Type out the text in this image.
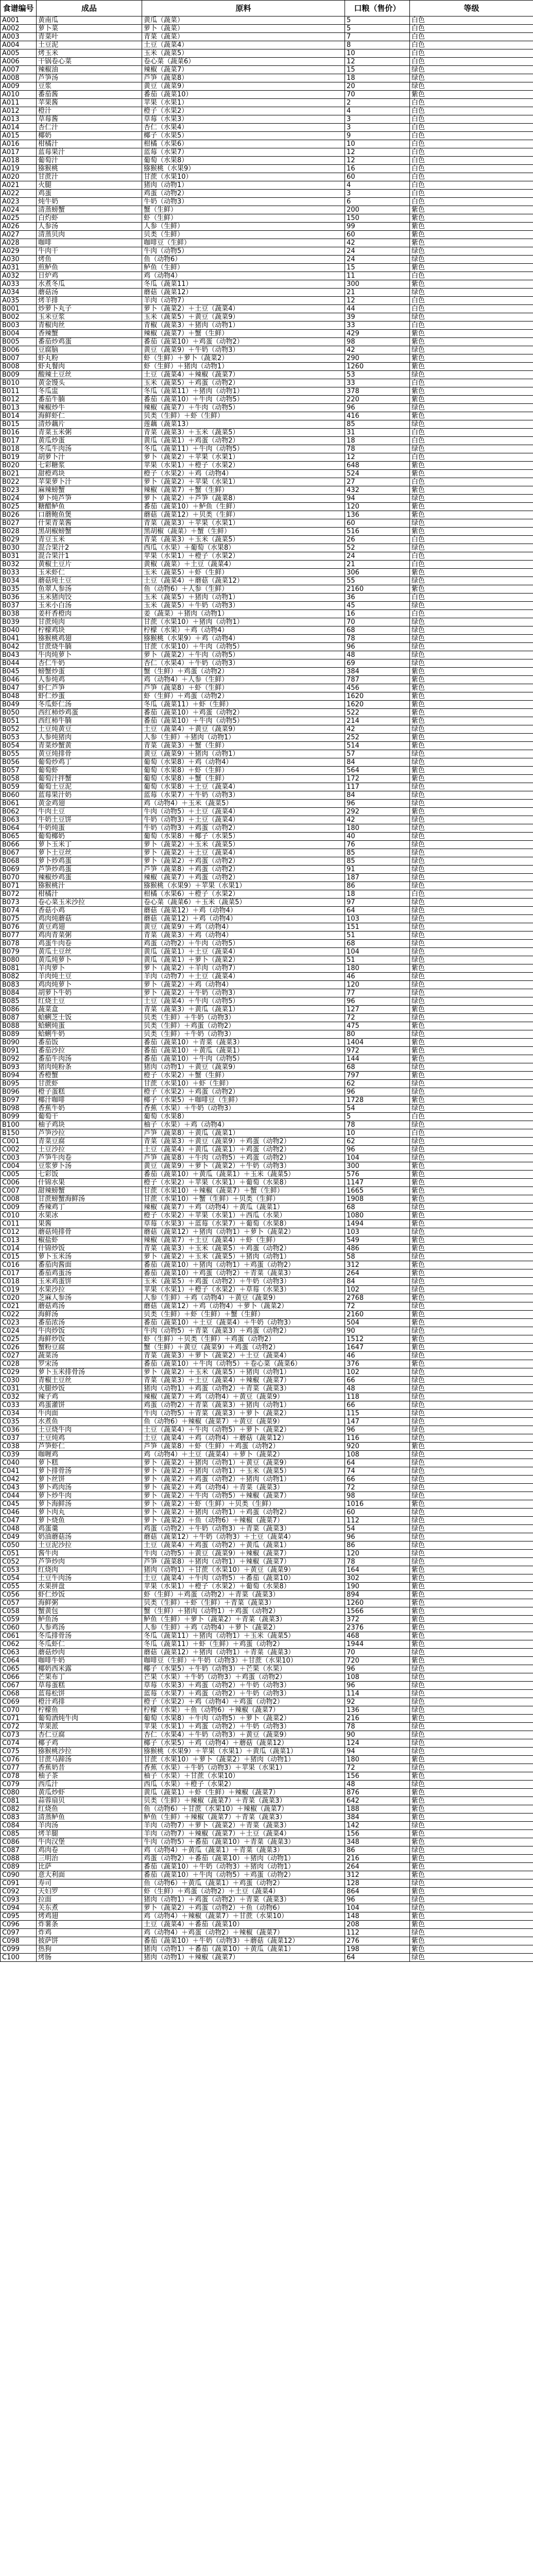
食谱编号	成品	原料	口粮（售价）	等级
A001	黄南瓜	黄瓜（蔬菜）	5	白色
A002	萝卜菜	萝卜（蔬菜）	5	白色
A003	青菜叶	青菜（蔬菜）	7	白色
A004	土豆泥	土豆（蔬菜4）	8	白色
A005	烤玉米	玉米（蔬菜5）	10	白色
A006	干锅卷心菜	卷心菜（蔬菜6）	12	白色
A007	辣椒油	辣椒（蔬菜7）	15	绿色
A008	芦笋汤	芦笋（蔬菜8）	18	绿色
A009	豆浆	黄豆（蔬菜9）	20	绿色
A010	番茄酱	番茄（蔬菜10）	70	紫色
A011	苹果酱	苹果（水果1）	2	白色
A012	橙汁	橙子（水果2）	4	白色
A013	草莓酱	草莓（水果3）	3	白色
A014	杏仁汁	杏仁（水果4）	3	白色
A015	椰奶	椰子（水果5）	9	白色
A016	柑橘汁	柑橘（水果6）	10	白色
A017	蓝莓果汁	蓝莓（水果7）	12	白色
A018	葡萄汁	葡萄（水果8）	12	白色
A019	猕猴桃	猕猴桃（水果9）	16	白色
A020	甘蔗汁	甘蔗（水果10）	60	白色
A021	火腿	猪肉（动物1）	4	白色
A022	鸡蛋	鸡蛋（动物2）	3	白色
A023	炖牛奶	牛奶（动物3）	6	白色
A024	清蒸螃蟹	蟹（生鲜）	200	紫色
A025	白灼虾	虾（生鲜）	150	紫色
A026	人参汤	人参（生鲜）	99	紫色
A027	清蒸贝肉	贝类（生鲜）	60	紫色
A028	咖啡	咖啡豆（生鲜）	42	紫色
A029	牛肉干	牛肉（动物5）	24	绿色
A030	烤鱼	鱼（动物6）	24	绿色
A031	煎鲈鱼	鲈鱼（生鲜）	15	紫色
A032	日炉鸡	鸡（动物4）	11	白色
A033	水煮冬瓜	冬瓜（蔬菜11）	300	紫色
A034	蘑菇汤	蘑菇（蔬菜12）	21	绿色
A035	烤羊排	羊肉（动物7）	12	白色
B001	炒萝卜丸子	萝卜（蔬菜2）＋土豆（蔬菜4）	44	白色
B002	玉米豆浆	玉米（蔬菜5）＋黄豆（蔬菜9）	39	绿色
B003	青椒肉丝	青椒（蔬菜3）＋猪肉（动物1）	33	白色
B004	香辣蟹	辣椒（蔬菜7）＋蟹（生鲜）	429	紫色
B005	番茄炒鸡蛋	番茄（蔬菜10）＋鸡蛋（动物2）	98	紫色
B006	豆腐脑	黄豆（蔬菜9）＋牛奶（动物3）	42	绿色
B007	虾丸粉	虾（生鲜）＋萝卜（蔬菜2）	290	紫色
B008	虾丸餐肉	虾（生鲜）＋猪肉（动物1）	1260	紫色
B009	酸辣土豆丝	土豆（蔬菜4）＋辣椒（蔬菜7）	53	绿色
B010	黄金馒头	玉米（蔬菜5）＋鸡蛋（动物2）	33	白色
B011	冬瓜盅	冬瓜（蔬菜11）＋猪肉（动物1）	378	紫色
B012	番茄牛腩	番茄（蔬菜10）＋牛肉（动物5）	220	紫色
B013	辣椒炒牛	辣椒（蔬菜7）＋牛肉（动物5）	96	绿色
B014	海鲜虾仁	贝类（生鲜）＋虾（生鲜）	416	紫色
B015	清炒藕片	莲藕（蔬菜13）	85	绿色
B016	青菜玉米粥	青菜（蔬菜3）＋玉米（蔬菜5）	31	白色
B017	黄瓜炒蛋	黄瓜（蔬菜1）＋鸡蛋（动物2）	18	白色
B018	冬瓜牛肉汤	冬瓜（蔬菜11）＋牛肉（动物5）	78	绿色
B019	胡萝卜汁	萝卜（蔬菜2）＋苹果（水果1）	12	白色
B020	七彩糖浆	苹果（水果1）＋橙子（水果2）	648	紫色
B021	甜橙鸡块	橙子（水果2）＋鸡（动物4）	524	紫色
B022	苹果萝卜汁	萝卜（蔬菜2）＋苹果（水果1）	27	白色
B023	麻辣螃蟹	辣椒（蔬菜7）＋蟹（生鲜）	432	紫色
B024	萝卜炖芦笋	萝卜（蔬菜2）＋芦笋（蔬菜8）	94	绿色
B025	糖醋鲈鱼	番茄（蔬菜10）＋鲈鱼（生鲜）	120	紫色
B026	口蘑鲍鱼煲	蘑菇（蔬菜12）＋贝类（生鲜）	136	紫色
B027	什果青菜酱	青菜（蔬菜3）＋苹果（水果1）	60	绿色
B028	黑胡椒螃蟹	黑胡椒（蔬菜）＋蟹（生鲜）	516	紫色
B029	青豆玉米	青菜（蔬菜3）＋玉米（蔬菜5）	26	白色
B030	混合果汁2	西瓜（水果）＋葡萄（水果8）	52	绿色
B031	混合果汁1	苹果（水果1）＋橙子（水果2）	24	白色
B032	黄椒土豆片	黄椒（蔬菜）＋土豆（蔬菜4）	21	白色
B033	玉米虾仁	玉米（蔬菜5）＋虾（生鲜）	306	紫色
B034	蘑菇炖土豆	土豆（蔬菜4）＋蘑菇（蔬菜12）	55	绿色
B035	鱼翠人参汤	鱼（动物6）＋人参（生鲜）	2160	紫色
B036	玉米猪肉饺	玉米（蔬菜5）＋猪肉（动物1）	36	白色
B037	玉米小白汤	玉米（蔬菜5）＋牛奶（动物3）	45	绿色
B038	姜杆香橙肉	姜（蔬菜）＋猪肉（动物1）	16	白色
B039	甘蔗炖肉	甘蔗（水果10）＋猪肉（动物1）	70	绿色
B040	柠檬鸡块	柠檬（水果）＋鸡（动物4）	68	绿色
B041	猕猴桃鸡翅	猕猴桃（水果9）＋鸡（动物4）	78	绿色
B042	甘蔗烧牛腩	甘蔗（水果10）＋牛肉（动物5）	96	绿色
B043	牛肉炖萝卜	萝卜（蔬菜2）＋牛肉（动物5）	48	绿色
B044	杏仁牛奶	杏仁（水果4）＋牛奶（动物3）	69	绿色
B045	螃蟹炒蛋	蟹（生鲜）＋鸡蛋（动物2）	384	紫色
B046	人参炖鸡	鸡（动物4）＋人参（生鲜）	787	紫色
B047	虾仁芦笋	芦笋（蔬菜8）＋虾（生鲜）	456	紫色
B048	虾仁炒蛋	虾（生鲜）＋鸡蛋（动物2）	1620	紫色
B049	冬瓜虾仁汤	冬瓜（蔬菜11）＋虾（生鲜）	1620	紫色
B050	西红柿炒鸡蛋	番茄（蔬菜10）＋鸡蛋（动物2）	522	紫色
B051	西红柿牛腩	番茄（蔬菜10）＋牛肉（动物5）	214	紫色
B052	土豆炖黄豆	土豆（蔬菜4）＋黄豆（蔬菜9）	42	绿色
B053	人参炖猪肉	人参（生鲜）＋猪肉（动物1）	252	紫色
B054	青菜炒蟹黄	青菜（蔬菜3）＋蟹（生鲜）	514	紫色
B055	黄豆炖排骨	黄豆（蔬菜9）＋猪肉（动物1）	57	绿色
B056	葡萄炒鸡丁	葡萄（水果8）＋鸡（动物4）	84	绿色
B057	葡萄虾	葡萄（水果8）＋虾（生鲜）	564	紫色
B058	葡萄汁拌蟹	葡萄（水果8）＋蟹（生鲜）	172	紫色
B059	葡萄土豆泥	葡萄（水果8）＋土豆（蔬菜4）	117	绿色
B060	蓝莓果汁奶	蓝莓（水果7）＋牛奶（动物3）	84	绿色
B061	黄金鸡翅	鸡（动物4）＋玉米（蔬菜5）	96	绿色
B062	牛肉土豆	牛肉（动物5）＋土豆（蔬菜4）	292	紫色
B063	牛奶土豆饼	牛奶（动物3）＋土豆（蔬菜4）	42	绿色
B064	牛奶炖蛋	牛奶（动物3）＋鸡蛋（动物2）	180	绿色
B065	葡萄椰奶	葡萄（水果8）＋椰子（水果5）	40	绿色
B066	萝卜玉米丁	萝卜（蔬菜2）＋玉米（蔬菜5）	76	绿色
B067	萝卜土豆丝	萝卜（蔬菜2）＋土豆（蔬菜4）	85	绿色
B068	萝卜炒鸡蛋	萝卜（蔬菜2）＋鸡蛋（动物2）	85	绿色
B069	芦笋炒鸡蛋	芦笋（蔬菜8）＋鸡蛋（动物2）	91	绿色
B070	辣椒炒鸡蛋	辣椒（蔬菜7）＋鸡蛋（动物2）	187	绿色
B071	猕猴桃汁	猕猴桃（水果9）＋苹果（水果1）	86	绿色
B072	柑橘汁	柑橘（水果6）＋橙子（水果2）	18	白色
B073	卷心菜玉米沙拉	卷心菜（蔬菜6）＋玉米（蔬菜5）	97	绿色
B074	香菇小鸡	蘑菇（蔬菜12）＋鸡（动物4）	64	绿色
B075	鸡肉炖蘑菇	蘑菇（蔬菜12）＋鸡（动物4）	103	绿色
B076	黄豆鸡翅	黄豆（蔬菜9）＋鸡（动物4）	151	绿色
B077	鸡肉青菜粥	青菜（蔬菜3）＋鸡（动物4）	51	绿色
B078	鸡蛋牛肉卷	鸡蛋（动物2）＋牛肉（动物5）	68	绿色
B079	黄瓜土豆丝	黄瓜（蔬菜1）＋土豆（蔬菜4）	104	绿色
B080	黄瓜炖萝卜	黄瓜（蔬菜1）＋萝卜（蔬菜2）	51	绿色
B081	羊肉萝卜	萝卜（蔬菜2）＋羊肉（动物7）	180	紫色
B082	羊肉炖土豆	羊肉（动物7）＋土豆（蔬菜4）	46	绿色
B083	鸡肉炖萝卜	萝卜（蔬菜2）＋鸡（动物4）	120	绿色
B084	胡萝卜牛奶	萝卜（蔬菜2）＋牛奶（动物3）	77	绿色
B085	红烧土豆	土豆（蔬菜4）＋牛肉（动物5）	96	绿色
B086	蔬菜盒	青菜（蔬菜3）＋黄瓜（蔬菜1）	127	紫色
B087	蛤蜊芝士饭	贝类（生鲜）＋牛奶（动物3）	72	绿色
B088	蛤蜊炖蛋	贝类（生鲜）＋鸡蛋（动物2）	475	紫色
B089	蛤蜊牛奶	贝类（生鲜）＋牛奶（动物3）	80	绿色
B090	番茄饭	番茄（蔬菜10）＋青菜（蔬菜3）	1404	紫色
B091	番茄沙拉	番茄（蔬菜10）＋黄瓜（蔬菜1）	972	紫色
B092	番茄牛肉汤	番茄（蔬菜10）＋牛肉（动物5）	144	紫色
B093	猪肉炖粉条	猪肉（动物1）＋黄豆（蔬菜9）	68	绿色
B094	香橙蟹	橙子（水果2）＋蟹（生鲜）	797	紫色
B095	甘蔗虾	甘蔗（水果10）＋虾（生鲜）	62	绿色
B096	橙子蛋糕	橙子（水果2）＋鸡蛋（动物2）	96	绿色
B097	椰汁咖啡	椰子（水果5）＋咖啡豆（生鲜）	1728	紫色
B098	香蕉牛奶	香蕉（水果）＋牛奶（动物3）	54	绿色
B099	葡萄干	葡萄（水果8）	5	白色
B100	柚子鸡块	柚子（水果）＋鸡（动物4）	78	绿色
B150	芦笋沙拉	芦笋（蔬菜8）＋黄瓜（蔬菜1）	10	白色
C001	青菜豆腐	青菜（蔬菜3）＋黄豆（蔬菜9）＋鸡蛋（动物2）	62	绿色
C002	土豆沙拉	土豆（蔬菜4）＋黄瓜（蔬菜1）＋鸡蛋（动物2）	96	绿色
C003	芦笋牛肉卷	芦笋（蔬菜8）＋牛肉（动物5）＋鸡蛋（动物2）	104	绿色
C004	豆浆萝卜汤	黄豆（蔬菜9）＋萝卜（蔬菜2）＋牛奶（动物3）	300	紫色
C005	七彩饭	番茄（蔬菜10）＋黄瓜（蔬菜1）＋玉米（蔬菜5）	576	紫色
C006	什锦水果	橙子（水果2）＋苹果（水果1）＋葡萄（水果8）	1147	紫色
C007	甜辣螃蟹	甘蔗（水果10）＋辣椒（蔬菜7）＋蟹（生鲜）	1665	紫色
C008	甘蔗螃蟹海鲜汤	甘蔗（水果10）＋蟹（生鲜）＋贝类（生鲜）	1908	紫色
C009	香辣鸡丁	辣椒（蔬菜7）＋鸡（动物4）＋黄瓜（蔬菜1）	68	绿色
C010	水果冰	橙子（水果2）＋苹果（水果1）＋西瓜（水果）	1080	紫色
C011	果酱	草莓（水果3）＋蓝莓（水果7）＋葡萄（水果8）	1494	紫色
C012	蘑菇炖排骨	蘑菇（蔬菜12）＋猪肉（动物1）＋萝卜（蔬菜2）	103	绿色
C013	椒盐虾	辣椒（蔬菜7）＋土豆（蔬菜4）＋虾（生鲜）	549	紫色
C014	什锦炒饭	青菜（蔬菜3）＋玉米（蔬菜5）＋鸡蛋（动物2）	486	紫色
C015	萝卜玉米汤	萝卜（蔬菜2）＋玉米（蔬菜5）＋猪肉（动物1）	58	绿色
C016	番茄肉酱面	番茄（蔬菜10）＋猪肉（动物1）＋鸡蛋（动物2）	312	紫色
C017	番茄鸡蛋汤	番茄（蔬菜10）＋鸡蛋（动物2）＋青菜（蔬菜3）	264	紫色
C018	玉米鸡蛋饼	玉米（蔬菜5）＋鸡蛋（动物2）＋牛奶（动物3）	84	绿色
C019	水果沙拉	苹果（水果1）＋橙子（水果2）＋草莓（水果3）	102	绿色
C020	芝麻人参汤	人参（生鲜）＋鸡（动物4）＋黄豆（蔬菜9）	2768	紫色
C021	蘑菇鸡汤	蘑菇（蔬菜12）＋鸡（动物4）＋萝卜（蔬菜2）	72	绿色
C022	海鲜汤	贝类（生鲜）＋虾（生鲜）＋蟹（生鲜）	2160	紫色
C023	番茄浓汤	番茄（蔬菜10）＋土豆（蔬菜4）＋牛奶（动物3）	504	紫色
C024	牛肉炒饭	牛肉（动物5）＋青菜（蔬菜3）＋鸡蛋（动物2）	90	绿色
C025	海鲜炒饭	虾（生鲜）＋贝类（生鲜）＋鸡蛋（动物2）	1512	紫色
C026	蟹粉豆腐	蟹（生鲜）＋黄豆（蔬菜9）＋鸡蛋（动物2）	1647	紫色
C027	蔬菜汤	青菜（蔬菜3）＋萝卜（蔬菜2）＋土豆（蔬菜4）	46	绿色
C028	罗宋汤	番茄（蔬菜10）＋牛肉（动物5）＋卷心菜（蔬菜6）	376	紫色
C029	萝卜玉米排骨汤	萝卜（蔬菜2）＋玉米（蔬菜5）＋猪肉（动物1）	102	绿色
C030	青椒土豆丝	青菜（蔬菜3）＋土豆（蔬菜4）＋辣椒（蔬菜7）	66	绿色
C031	火腿炒饭	猪肉（动物1）＋鸡蛋（动物2）＋青菜（蔬菜3）	48	绿色
C032	辣子鸡	辣椒（蔬菜7）＋鸡（动物4）＋黄豆（蔬菜9）	118	绿色
C033	鸡蛋灌饼	鸡蛋（动物2）＋青菜（蔬菜3）＋猪肉（动物1）	66	绿色
C034	牛肉面	牛肉（动物5）＋青菜（蔬菜3）＋萝卜（蔬菜2）	115	绿色
C035	水煮鱼	鱼（动物6）＋辣椒（蔬菜7）＋黄豆（蔬菜9）	147	绿色
C036	土豆烧牛肉	土豆（蔬菜4）＋牛肉（动物5）＋萝卜（蔬菜2）	96	绿色
C037	土豆炖鸡	土豆（蔬菜4）＋鸡（动物4）＋蘑菇（蔬菜12）	116	绿色
C038	芦笋虾仁	芦笋（蔬菜8）＋虾（生鲜）＋鸡蛋（动物2）	920	紫色
C039	咖喱鸡	鸡（动物4）＋土豆（蔬菜4）＋萝卜（蔬菜2）	108	绿色
C040	萝卜糕	萝卜（蔬菜2）＋猪肉（动物1）＋黄豆（蔬菜9）	64	绿色
C041	萝卜排骨汤	萝卜（蔬菜2）＋猪肉（动物1）＋玉米（蔬菜5）	74	绿色
C042	萝卜丝饼	萝卜（蔬菜2）＋鸡蛋（动物2）＋猪肉（动物1）	66	绿色
C043	萝卜鸡肉汤	萝卜（蔬菜2）＋鸡（动物4）＋青菜（蔬菜3）	72	绿色
C044	萝卜炒牛肉	萝卜（蔬菜2）＋牛肉（动物5）＋辣椒（蔬菜7）	98	绿色
C045	萝卜海鲜汤	萝卜（蔬菜2）＋虾（生鲜）＋贝类（生鲜）	1016	紫色
C046	萝卜肉丸	萝卜（蔬菜2）＋猪肉（动物1）＋鸡蛋（动物2）	60	绿色
C047	萝卜烧鱼	萝卜（蔬菜2）＋鱼（动物6）＋辣椒（蔬菜7）	112	绿色
C048	鸡蛋羹	鸡蛋（动物2）＋牛奶（动物3）＋青菜（蔬菜3）	54	绿色
C049	奶油蘑菇汤	蘑菇（蔬菜12）＋牛奶（动物3）＋土豆（蔬菜4）	96	绿色
C050	土豆泥沙拉	土豆（蔬菜4）＋鸡蛋（动物2）＋黄瓜（蔬菜1）	86	绿色
C051	酱牛肉	牛肉（动物5）＋黄豆（蔬菜9）＋辣椒（蔬菜7）	120	绿色
C052	芦笋炒肉	芦笋（蔬菜8）＋猪肉（动物1）＋辣椒（蔬菜7）	78	绿色
C053	红烧肉	猪肉（动物1）＋甘蔗（水果10）＋黄豆（蔬菜9）	164	紫色
C054	土豆牛肉汤	土豆（蔬菜4）＋牛肉（动物5）＋番茄（蔬菜10）	302	紫色
C055	水果拼盘	苹果（水果1）＋橙子（水果2）＋葡萄（水果8）	190	紫色
C056	虾仁炒饭	虾（生鲜）＋鸡蛋（动物2）＋青菜（蔬菜3）	894	紫色
C057	海鲜粥	贝类（生鲜）＋虾（生鲜）＋青菜（蔬菜3）	1260	紫色
C058	蟹黄包	蟹（生鲜）＋猪肉（动物1）＋鸡蛋（动物2）	1566	紫色
C059	鲈鱼汤	鲈鱼（生鲜）＋萝卜（蔬菜2）＋青菜（蔬菜3）	372	紫色
C060	人参鸡汤	人参（生鲜）＋鸡（动物4）＋萝卜（蔬菜2）	2376	紫色
C061	冬瓜排骨汤	冬瓜（蔬菜11）＋猪肉（动物1）＋玉米（蔬菜5）	468	紫色
C062	冬瓜虾仁	冬瓜（蔬菜11）＋虾（生鲜）＋鸡蛋（动物2）	1944	紫色
C063	蘑菇炒肉	蘑菇（蔬菜12）＋猪肉（动物1）＋青菜（蔬菜3）	70	绿色
C064	咖啡牛奶	咖啡豆（生鲜）＋牛奶（动物3）＋甘蔗（水果10）	720	紫色
C065	椰奶西米露	椰子（水果5）＋牛奶（动物3）＋芒果（水果）	96	绿色
C066	芒果布丁	芒果（水果）＋牛奶（动物3）＋鸡蛋（动物2）	108	绿色
C067	草莓蛋糕	草莓（水果3）＋鸡蛋（动物2）＋牛奶（动物3）	96	绿色
C068	蓝莓松饼	蓝莓（水果7）＋鸡蛋（动物2）＋牛奶（动物3）	114	绿色
C069	橙汁鸡排	橙子（水果2）＋鸡（动物4）＋鸡蛋（动物2）	92	绿色
C070	柠檬鱼	柠檬（水果）＋鱼（动物6）＋辣椒（蔬菜7）	136	绿色
C071	葡萄酒炖牛肉	葡萄（水果8）＋牛肉（动物5）＋萝卜（蔬菜2）	216	紫色
C072	苹果派	苹果（水果1）＋鸡蛋（动物2）＋牛奶（动物3）	78	绿色
C073	杏仁豆腐	杏仁（水果4）＋牛奶（动物3）＋黄豆（蔬菜9）	90	绿色
C074	椰子鸡	椰子（水果5）＋鸡（动物4）＋蘑菇（蔬菜12）	124	绿色
C075	猕猴桃沙拉	猕猴桃（水果9）＋苹果（水果1）＋黄瓜（蔬菜1）	94	绿色
C076	甘蔗马蹄汤	甘蔗（水果10）＋萝卜（蔬菜2）＋猪肉（动物1）	180	紫色
C077	香蕉奶昔	香蕉（水果）＋牛奶（动物3）＋苹果（水果1）	72	绿色
C078	柚子茶	柚子（水果）＋甘蔗（水果10）	156	紫色
C079	西瓜汁	西瓜（水果）＋橙子（水果2）	48	绿色
C080	黄瓜炒虾	黄瓜（蔬菜1）＋虾（生鲜）＋辣椒（蔬菜7）	876	紫色
C081	蒜蓉扇贝	贝类（生鲜）＋辣椒（蔬菜7）＋青菜（蔬菜3）	642	紫色
C082	红烧鱼	鱼（动物6）＋甘蔗（水果10）＋辣椒（蔬菜7）	188	紫色
C083	清蒸鲈鱼	鲈鱼（生鲜）＋辣椒（蔬菜7）＋青菜（蔬菜3）	384	紫色
C084	羊肉汤	羊肉（动物7）＋萝卜（蔬菜2）＋青菜（蔬菜3）	142	绿色
C085	烤羊腿	羊肉（动物7）＋辣椒（蔬菜7）＋土豆（蔬菜4）	156	紫色
C086	牛肉汉堡	牛肉（动物5）＋番茄（蔬菜10）＋青菜（蔬菜3）	348	紫色
C087	鸡肉卷	鸡（动物4）＋黄瓜（蔬菜1）＋青菜（蔬菜3）	86	绿色
C088	三明治	鸡蛋（动物2）＋番茄（蔬菜10）＋猪肉（动物1）	216	紫色
C089	比萨	番茄（蔬菜10）＋牛奶（动物3）＋猪肉（动物1）	264	紫色
C090	意大利面	番茄（蔬菜10）＋牛肉（动物5）＋鸡蛋（动物2）	312	紫色
C091	寿司	鱼（动物6）＋黄瓜（蔬菜1）＋鸡蛋（动物2）	128	绿色
C092	天妇罗	虾（生鲜）＋鸡蛋（动物2）＋土豆（蔬菜4）	864	紫色
C093	拉面	猪肉（动物1）＋鸡蛋（动物2）＋青菜（蔬菜3）	96	绿色
C094	关东煮	萝卜（蔬菜2）＋鸡蛋（动物2）＋鱼（动物6）	104	绿色
C095	烤鸡翅	鸡（动物4）＋辣椒（蔬菜7）＋甘蔗（水果10）	148	紫色
C096	炸薯条	土豆（蔬菜4）＋番茄（蔬菜10）	208	紫色
C097	炸鸡	鸡（动物4）＋鸡蛋（动物2）＋辣椒（蔬菜7）	112	绿色
C098	披萨饼	番茄（蔬菜10）＋牛奶（动物3）＋蘑菇（蔬菜12）	276	紫色
C099	热狗	猪肉（动物1）＋番茄（蔬菜10）＋黄瓜（蔬菜1）	198	紫色
C100	烤肠	猪肉（动物1）＋辣椒（蔬菜7）	64	绿色
